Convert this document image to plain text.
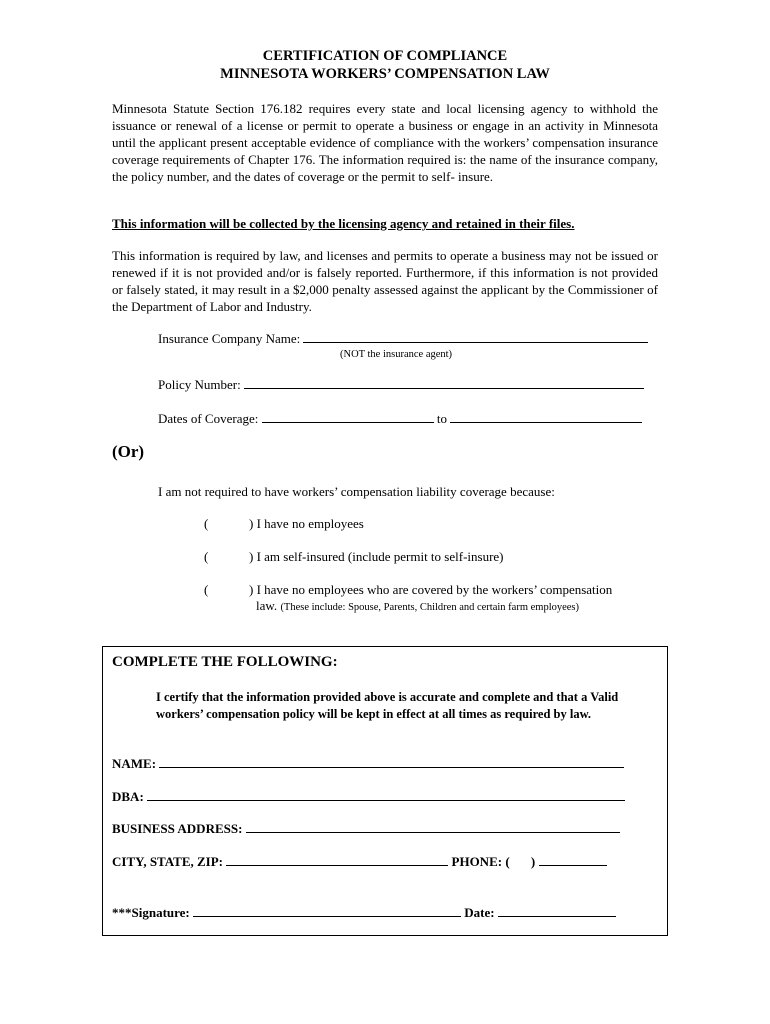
CERTIFICATION OF COMPLIANCE
MINNESOTA WORKERS’ COMPENSATION LAW
Minnesota Statute Section 176.182 requires every state and local licensing agency to withhold the issuance or renewal of a license or permit to operate a business or engage in an activity in Minnesota until the applicant present acceptable evidence of compliance with the workers’ compensation insurance coverage requirements of Chapter 176. The information required is: the name of the insurance company, the policy number, and the dates of coverage or the permit to self- insure.
This information will be collected by the licensing agency and retained in their files.
This information is required by law, and licenses and permits to operate a business may not be issued or renewed if it is not provided and/or is falsely reported. Furthermore, if this information is not provided or falsely stated, it may result in a $2,000 penalty assessed against the applicant by the Commissioner of the Department of Labor and Industry.
Insurance Company Name:
(NOT the insurance agent)
Policy Number:
Dates of Coverage:	to
(Or)
I am not required to have workers’ compensation liability coverage because:
(	) I have no employees
(	) I am self-insured (include permit to self-insure)
(	) I have no employees who are covered by the workers’ compensation
law. (These include: Spouse, Parents, Children and certain farm employees)
COMPLETE THE FOLLOWING:
I certify that the information provided above is accurate and complete and that a Valid workers’ compensation policy will be kept in effect at all times as required by law.
NAME:
DBA:
BUSINESS ADDRESS:
CITY, STATE, ZIP:	PHONE: ( )
***Signature:	Date:
